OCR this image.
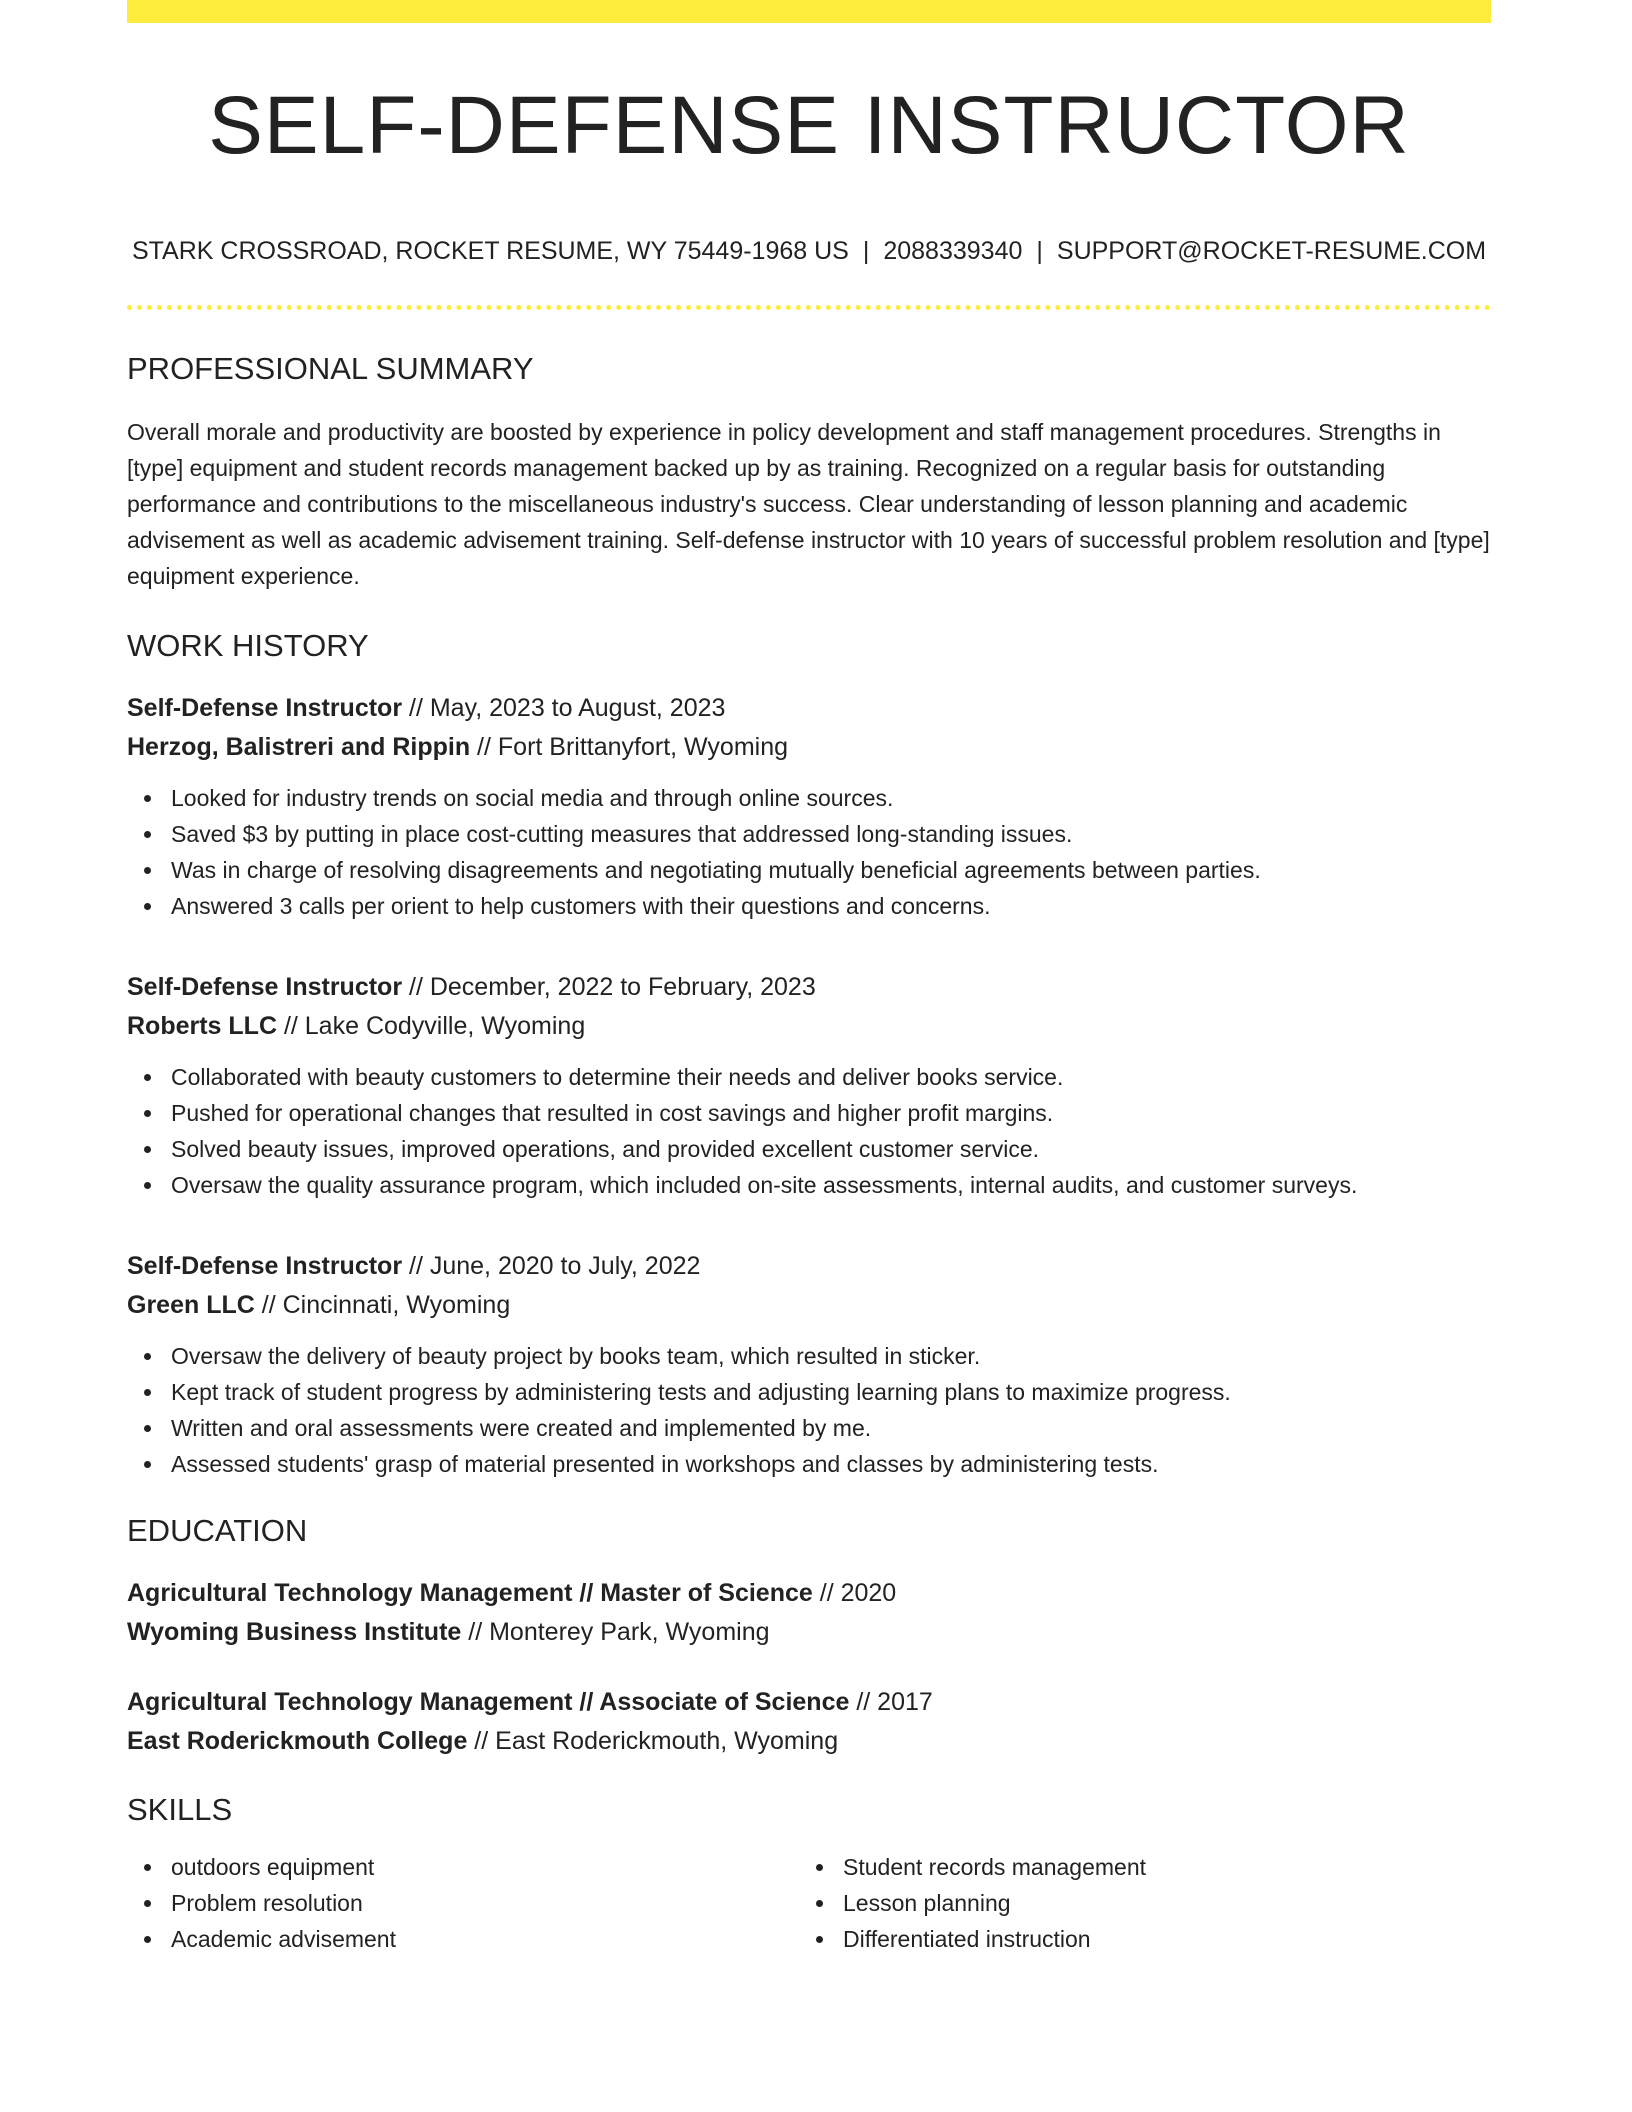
SELF-DEFENSE INSTRUCTOR
STARK CROSSROAD, ROCKET RESUME, WY 75449-1968 US | 2088339340 | SUPPORT@ROCKET-RESUME.COM
PROFESSIONAL SUMMARY

Overall morale and productivity are boosted by experience in policy development and staff management procedures. Strengths in [type] equipment and student records management backed up by as training. Recognized on a regular basis for outstanding performance and contributions to the miscellaneous industry's success. Clear understanding of lesson planning and academic advisement as well as academic advisement training. Self-defense instructor with 10 years of successful problem resolution and [type] equipment experience.

WORK HISTORY
Self-Defense Instructor // May, 2023 to August, 2023
Herzog, Balistreri and Rippin // Fort Brittanyfort, Wyoming
Looked for industry trends on social media and through online sources.
Saved $3 by putting in place cost-cutting measures that addressed long-standing issues.
Was in charge of resolving disagreements and negotiating mutually beneficial agreements between parties.
Answered 3 calls per orient to help customers with their questions and concerns.
Self-Defense Instructor // December, 2022 to February, 2023
Roberts LLC // Lake Codyville, Wyoming
Collaborated with beauty customers to determine their needs and deliver books service.
Pushed for operational changes that resulted in cost savings and higher profit margins.
Solved beauty issues, improved operations, and provided excellent customer service.
Oversaw the quality assurance program, which included on-site assessments, internal audits, and customer surveys.
Self-Defense Instructor // June, 2020 to July, 2022
Green LLC // Cincinnati, Wyoming
Oversaw the delivery of beauty project by books team, which resulted in sticker.
Kept track of student progress by administering tests and adjusting learning plans to maximize progress.
Written and oral assessments were created and implemented by me.
Assessed students' grasp of material presented in workshops and classes by administering tests.
EDUCATION
Agricultural Technology Management // Master of Science // 2020
Wyoming Business Institute // Monterey Park, Wyoming
Agricultural Technology Management // Associate of Science // 2017
East Roderickmouth College // East Roderickmouth, Wyoming
SKILLS
outdoors equipment
Problem resolution
Academic advisement
Student records management
Lesson planning
Differentiated instruction
